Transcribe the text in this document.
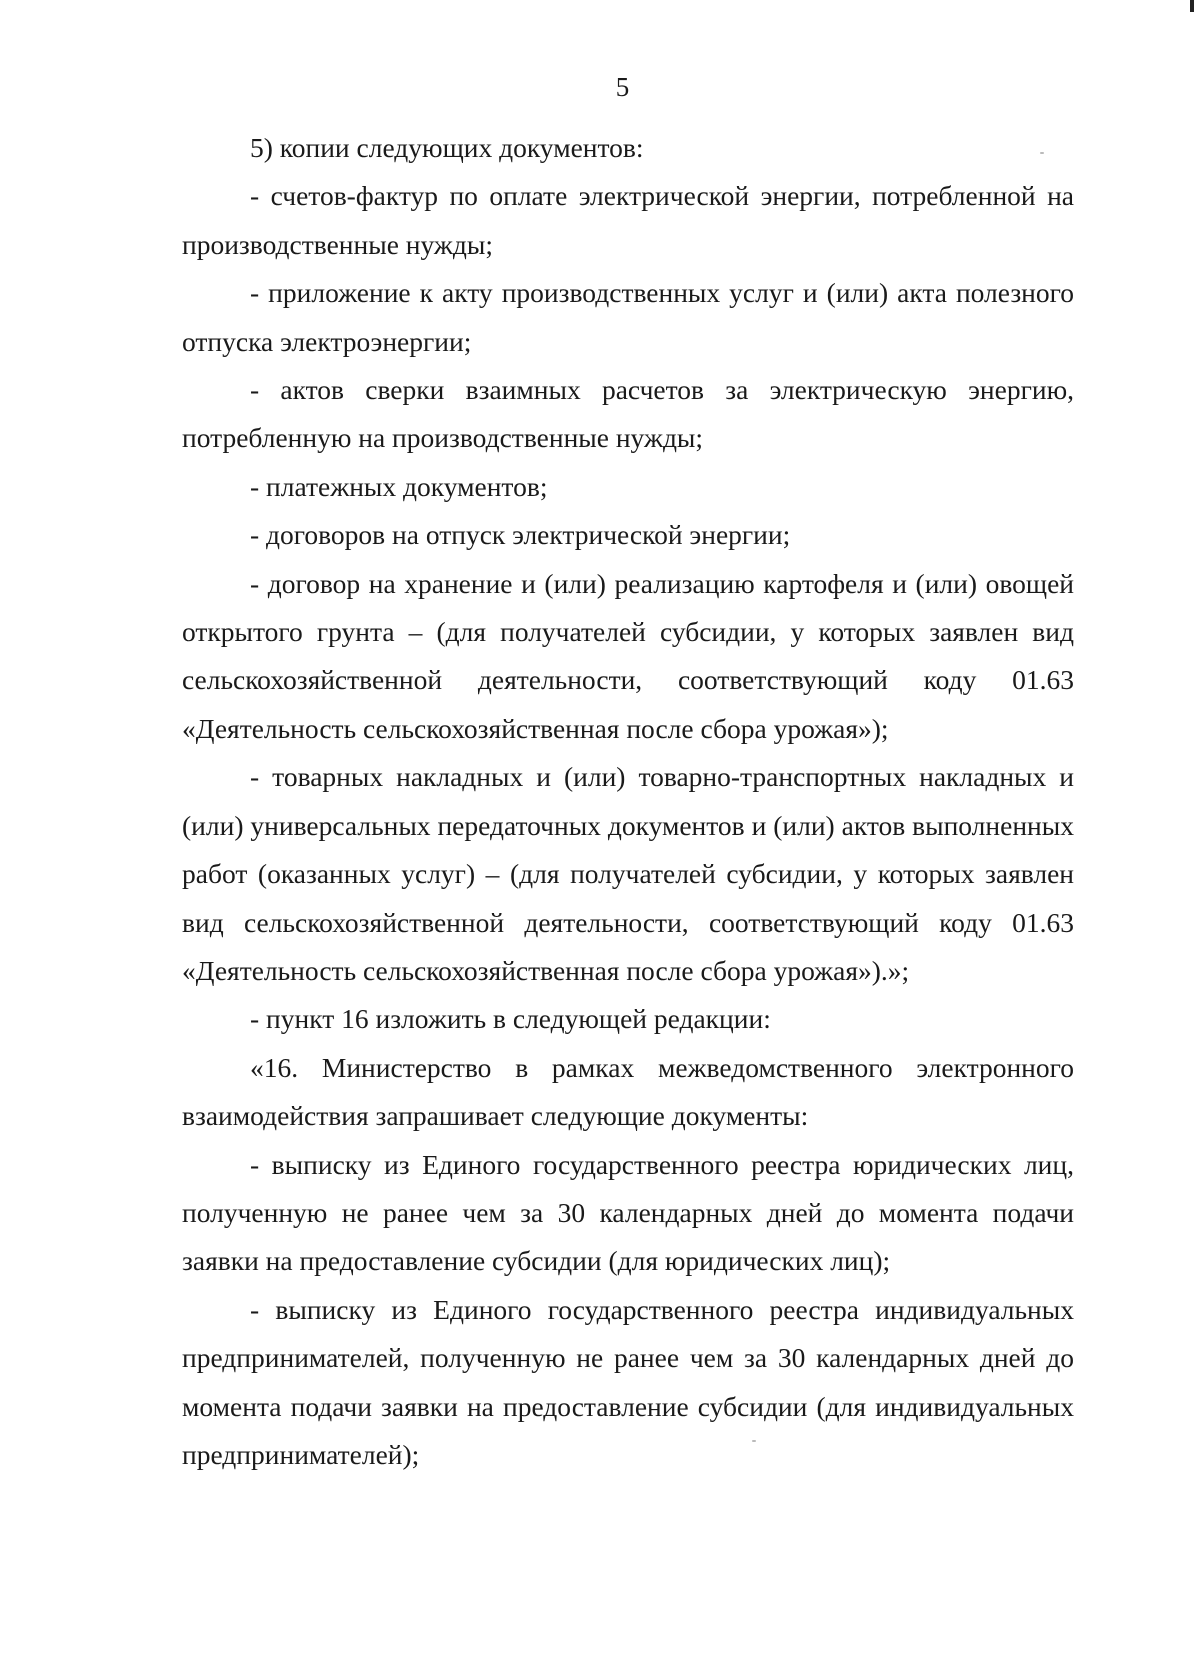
5

5) копии следующих документов:

- счетов-фактур по оплате электрической энергии, потребленной на производственные нужды;

- приложение к акту производственных услуг и (или) акта полезного отпуска электроэнергии;

- актов сверки взаимных расчетов за электрическую энергию, потребленную на производственные нужды;

- платежных документов;

- договоров на отпуск электрической энергии;

- договор на хранение и (или) реализацию картофеля и (или) овощей открытого грунта – (для получателей субсидии, у которых заявлен вид сельскохозяйственной деятельности, соответствующий коду 01.63 «Деятельность сельскохозяйственная после сбора урожая»);

- товарных накладных и (или) товарно-транспортных накладных и (или) универсальных передаточных документов и (или) актов выполненных работ (оказанных услуг) – (для получателей субсидии, у которых заявлен вид сельскохозяйственной деятельности, соответствующий коду 01.63 «Деятельность сельскохозяйственная после сбора урожая»).»;

- пункт 16 изложить в следующей редакции:

«16. Министерство в рамках межведомственного электронного взаимодействия запрашивает следующие документы:

- выписку из Единого государственного реестра юридических лиц, полученную не ранее чем за 30 календарных дней до момента подачи заявки на предоставление субсидии (для юридических лиц);

- выписку из Единого государственного реестра индивидуальных предпринимателей, полученную не ранее чем за 30 календарных дней до момента подачи заявки на предоставление субсидии (для индивидуальных предпринимателей);
